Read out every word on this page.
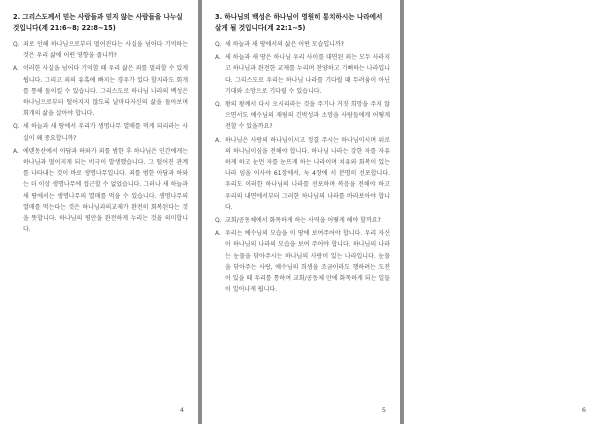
2. 그리스도께서 믿는 사람들과 믿지 않는 사람들을 나누실 것입니다(계 21:6~8; 22:8~15)
Q. 죄로 인해 하나님으로부터 떨어진다는 사실을 넘어다 기억하는 것은 우리 삶에 어떤 영향을 줍니까?
A. 이러한 사실을 넘어다 기억할 때 우리 삶은 죄를 멀리할 수 있게 됩니다. 그리고 죄의 유혹에 빠지는 경우가 있다 할지라도 회개를 통해 돌이킬 수 있습니다. 그리스도로 하나님 나라의 백성은 하나님으로부터 떨어지지 않도록 날마다자신의 삶을 돌아보며 회개의 삶을 살아야 합니다.
Q. 새 하늘과 새 땅에서 우리가 생명나무 열매를 먹게 되리라는 사실이 왜 중요합니까?
A. 에덴동산에서 아담과 하와가 죄를 범한 후 하나님은 인간에게는 하나님과 떨어지게 되는 비극이 발생했습니다. 그 떨어진 관계를 나타내는 것이 바로 생명나무입니다. 죄를 범한 아담과 하와는 더 이상 생명나무에 접근할 수 없었습니다. 그러나 새 하늘과 새 땅에서는 생명나무의 열매를 먹을 수 있습니다. 생명나무의 열매를 먹는다는 것은 하나님과의교제가 완전히 회복된다는 것을 뜻합니다. 하나님의 평안을 완전하게 누리는 것을 의미합니다.
4
3. 하나님의 백성은 하나님이 영원히 통치하시는 나라에서 살게 될 것입니다(계 22:1~5)
Q. 새 하늘과 새 땅에서의 삶은 어떤 모습입니까?
A. 새 하늘과 새 땅은 하나님 우리 사이를 대면된 죄는 모두 사라지고 하나님과 완전한 교제를 누리며 찬양하고 기뻐하는 나라입니다. 그리스도로 우리는 하나님 나라를 기다릴 때 두려움이 아닌 기대와 소망으로 기다릴 수 있습니다.
Q. 왕의 왕께서 다시 오시리라는 것을 주기나 거짓 희망을 주지 않으면서도 예수님의 재림의 긴박성과 소망을 사람들에게 어떻게 전할 수 있을까요?
A. 하나님은 사랑의 하나님이시고 정결 주시는 하나님이시며 위로의 하나님이심을 전해야 합니다. 하나님 나라는 강한 자를 자유하게 하고 눈먼 자를 눈뜨게 하는 나라이며 치유와 회복이 있는 나라 임을 이사야 61장에서, 눅 4장에 서 분명히 선포합니다. 우리도 이러한 하나님의 나라를 선포하며 복음을 전해야 하고 우리의 내면에서부터 그러한 하나님의 나라를 바라보아야 합니다.
Q. 교회/공동체에서 화목하게 하는 사역을 어떻게 해야 할까요?
A. 우리는 예수님의 모습을 이 땅에 보여주어야 합니다. 우리 자신이 하나님의 나라의 모습을 보여 주어야 합니다. 하나님의 나라는 눈물을 닦아주시는 하나님의 사랑이 있는 나라입니다. 눈물을 닦아주는 사랑, 예수님의 희생을 조금이라도 행하려는 도전이 있을 때 우리를 통하여 교회/공동체 안에 화목하게 되는 일들이 일어나게 됩니다.
5	6
